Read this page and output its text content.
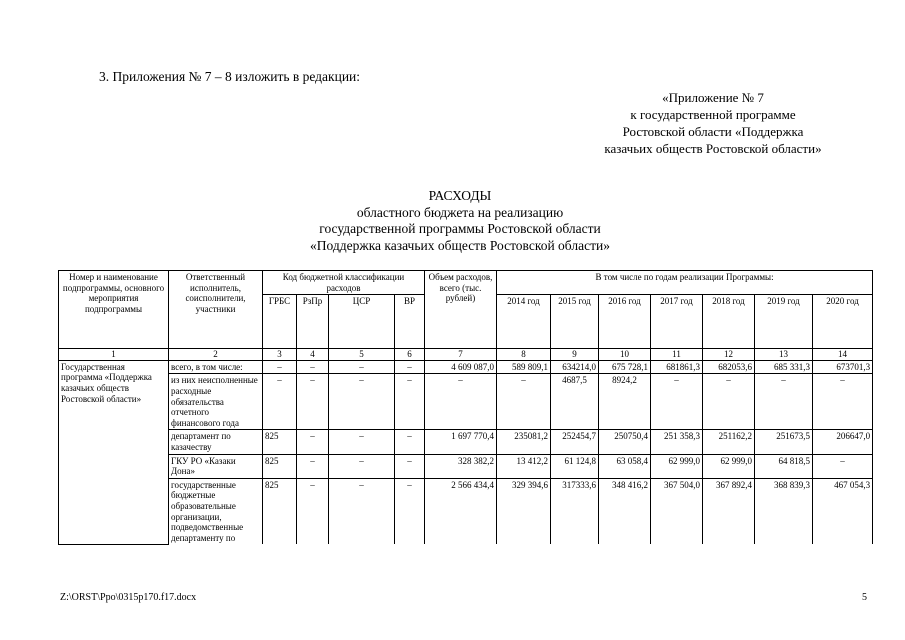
3. Приложения № 7 – 8 изложить в редакции:
«Приложение № 7
к государственной программе
Ростовской области «Поддержка
казачьих обществ Ростовской области»
РАСХОДЫ
областного бюджета на реализацию
государственной программы Ростовской области
«Поддержка казачьих обществ Ростовской области»
Номер и наименование подпрограммы, основного мероприятия подпрограммы	Ответственный исполнитель, соисполнители, участники	Код бюджетной классификации расходов				Объем расходов, всего (тыс. рублей)	В том числе по годам реализации Программы:						
		ГРБС	РзПр	ЦСР	ВР		2014 год	2015 год	2016 год	2017 год	2018 год	2019 год	2020 год
1	2	3	4	5	6	7	8	9	10	11	12	13	14
Государственная программа «Поддержка казачьих обществ Ростовской области»	всего, в том числе:	–	–	–	–	4 609 087,0	589 809,1	634214,0	675 728,1	681861,3	682053,6	685 331,3	673701,3
	из них неисполненные расходные обязательства отчетного финансового года	–	–	–	–	–	–	4687,5	8924,2	–	–	–	–
	департамент по казачеству	825	–	–	–	1 697 770,4	235081,2	252454,7	250750,4	251 358,3	251162,2	251673,5	206647,0
	ГКУ РО «Казаки Дона»	825	–	–	–	328 382,2	13 412,2	61 124,8	63 058,4	62 999,0	62 999,0	64 818,5	–
	государственные бюджетные образовательные организации, подведомственные департаменту по	825	–	–	–	2 566 434,4	329 394,6	317333,6	348 416,2	367 504,0	367 892,4	368 839,3	467 054,3
Z:\ORST\Ppo\0315p170.f17.docx	5
